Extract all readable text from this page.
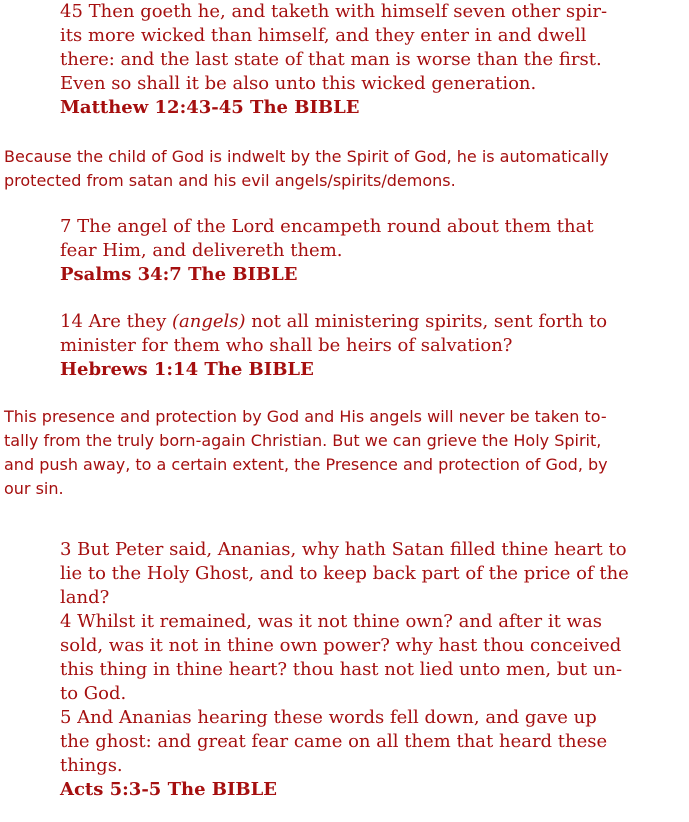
45 Then goeth he, and taketh with himself seven other spir-
its more wicked than himself, and they enter in and dwell
there: and the last state of that man is worse than the first.
Even so shall it be also unto this wicked generation.
Matthew 12:43-45 The BIBLE
Because the child of God is indwelt by the Spirit of God, he is automatically
protected from satan and his evil angels/spirits/demons.
7 The angel of the Lord encampeth round about them that
fear Him, and delivereth them.
Psalms 34:7 The BIBLE
14 Are they (angels) not all ministering spirits, sent forth to
minister for them who shall be heirs of salvation?
Hebrews 1:14 The BIBLE
This presence and protection by God and His angels will never be taken to-
tally from the truly born-again Christian. But we can grieve the Holy Spirit,
and push away, to a certain extent, the Presence and protection of God, by
our sin.
3 But Peter said, Ananias, why hath Satan filled thine heart to
lie to the Holy Ghost, and to keep back part of the price of the
land?
4 Whilst it remained, was it not thine own? and after it was
sold, was it not in thine own power? why hast thou conceived
this thing in thine heart? thou hast not lied unto men, but un-
to God.
5 And Ananias hearing these words fell down, and gave up
the ghost: and great fear came on all them that heard these
things.
Acts 5:3-5 The BIBLE
